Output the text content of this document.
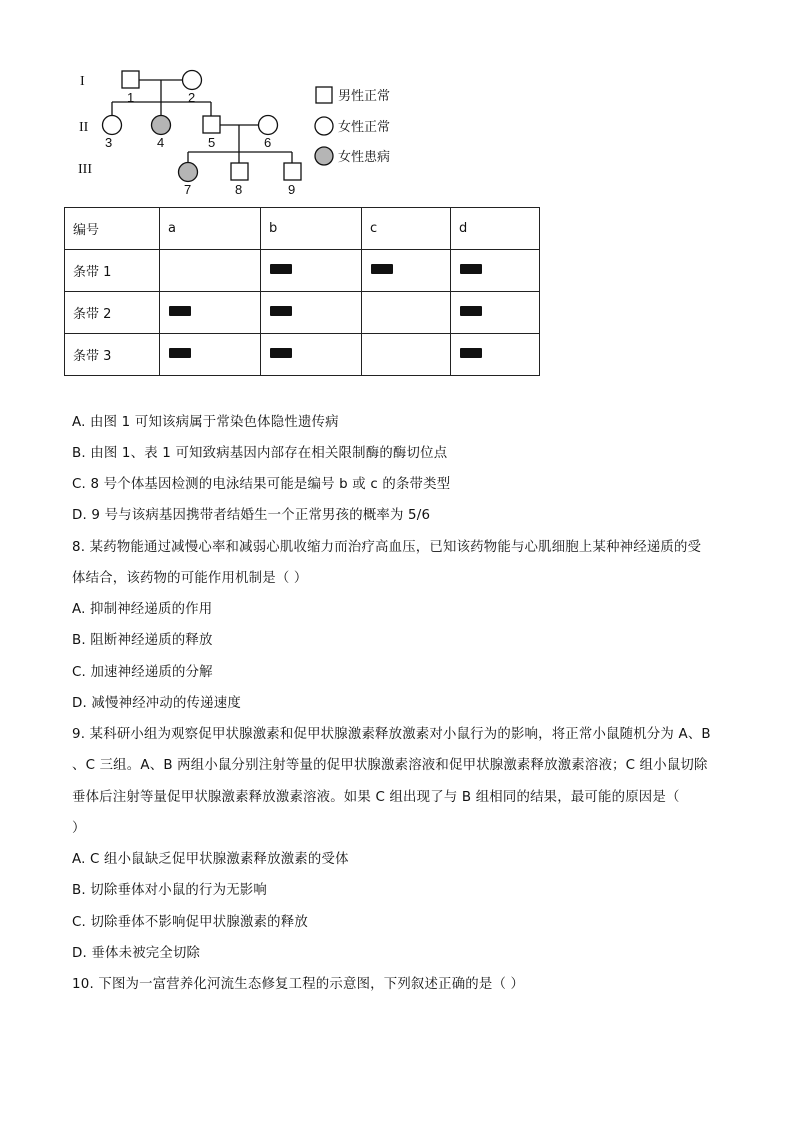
I
II
III
1	2
3	4	5	6
7	8	9
男性正常
女性正常
女性患病
编号	a	b	c	d
条带 1				
条带 2				
条带 3				
A. 由图 1 可知该病属于常染色体隐性遗传病
B. 由图 1、表 1 可知致病基因内部存在相关限制酶的酶切位点
C. 8 号个体基因检测的电泳结果可能是编号 b 或 c 的条带类型
D. 9 号与该病基因携带者结婚生一个正常男孩的概率为 5/6
8. 某药物能通过减慢心率和减弱心肌收缩力而治疗高血压，已知该药物能与心肌细胞上某种神经递质的受
体结合，该药物的可能作用机制是（ ）
A. 抑制神经递质的作用
B. 阻断神经递质的释放
C. 加速神经递质的分解
D. 减慢神经冲动的传递速度
9. 某科研小组为观察促甲状腺激素和促甲状腺激素释放激素对小鼠行为的影响，将正常小鼠随机分为 A、B
、C 三组。A、B 两组小鼠分别注射等量的促甲状腺激素溶液和促甲状腺激素释放激素溶液；C 组小鼠切除
垂体后注射等量促甲状腺激素释放激素溶液。如果 C 组出现了与 B 组相同的结果，最可能的原因是（
）
A. C 组小鼠缺乏促甲状腺激素释放激素的受体
B. 切除垂体对小鼠的行为无影响
C. 切除垂体不影响促甲状腺激素的释放
D. 垂体未被完全切除
10. 下图为一富营养化河流生态修复工程的示意图，下列叙述正确的是（ ）
